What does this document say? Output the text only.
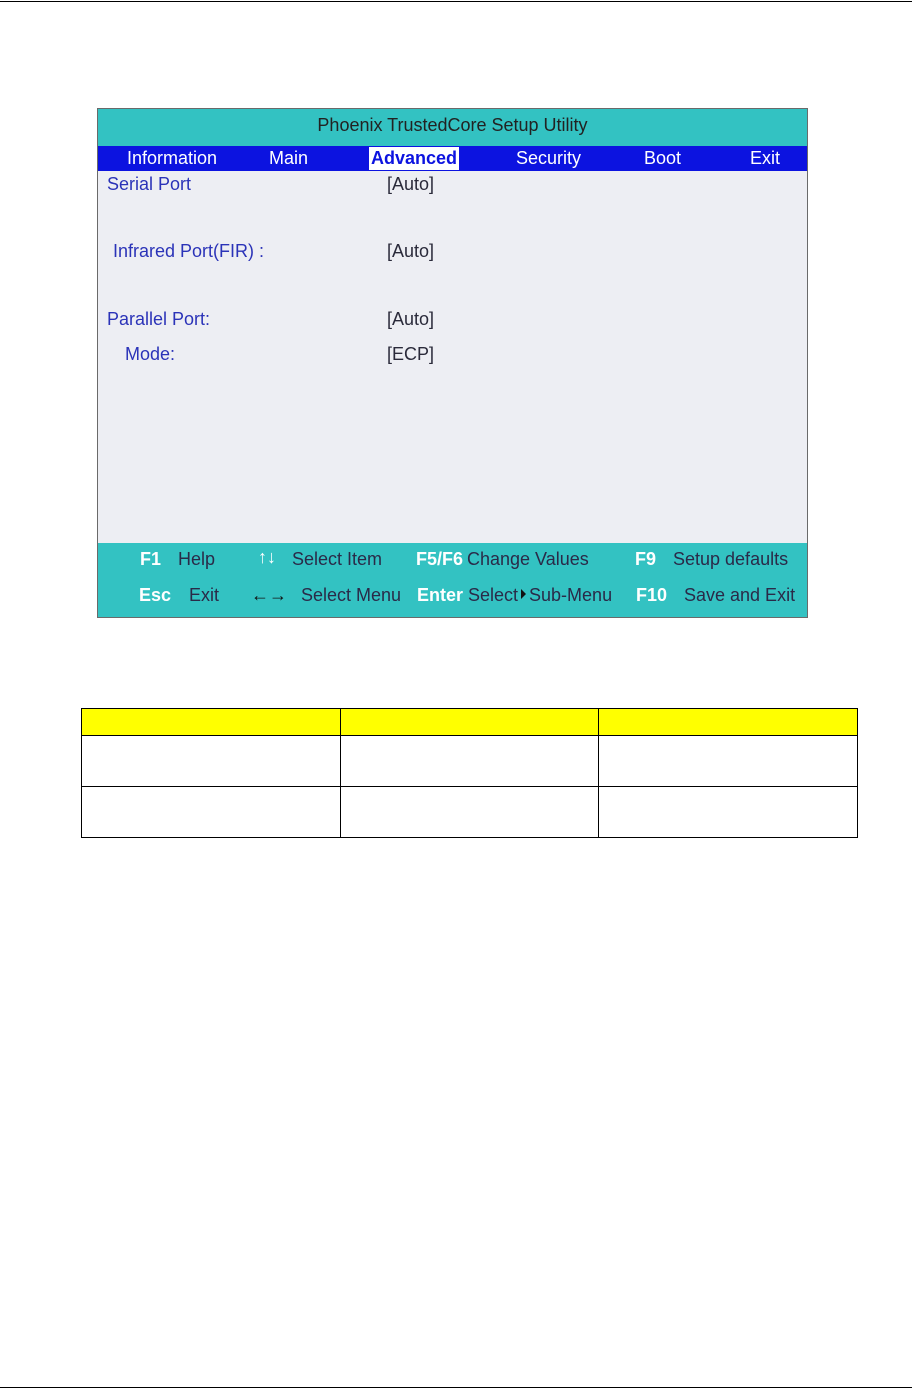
Phoenix TrustedCore Setup Utility
Information	Main	Advanced	Security	Boot	Exit
Serial Port	[Auto]
Infrared Port(FIR) :	[Auto]
Parallel Port:	[Auto]
Mode:	[ECP]
F1 Help ↑↓ Select Item F5/F6 Change Values	F9 Setup defaults
Esc Exit ←→ Select Menu Enter Select Sub-Menu F10 Save and Exit
